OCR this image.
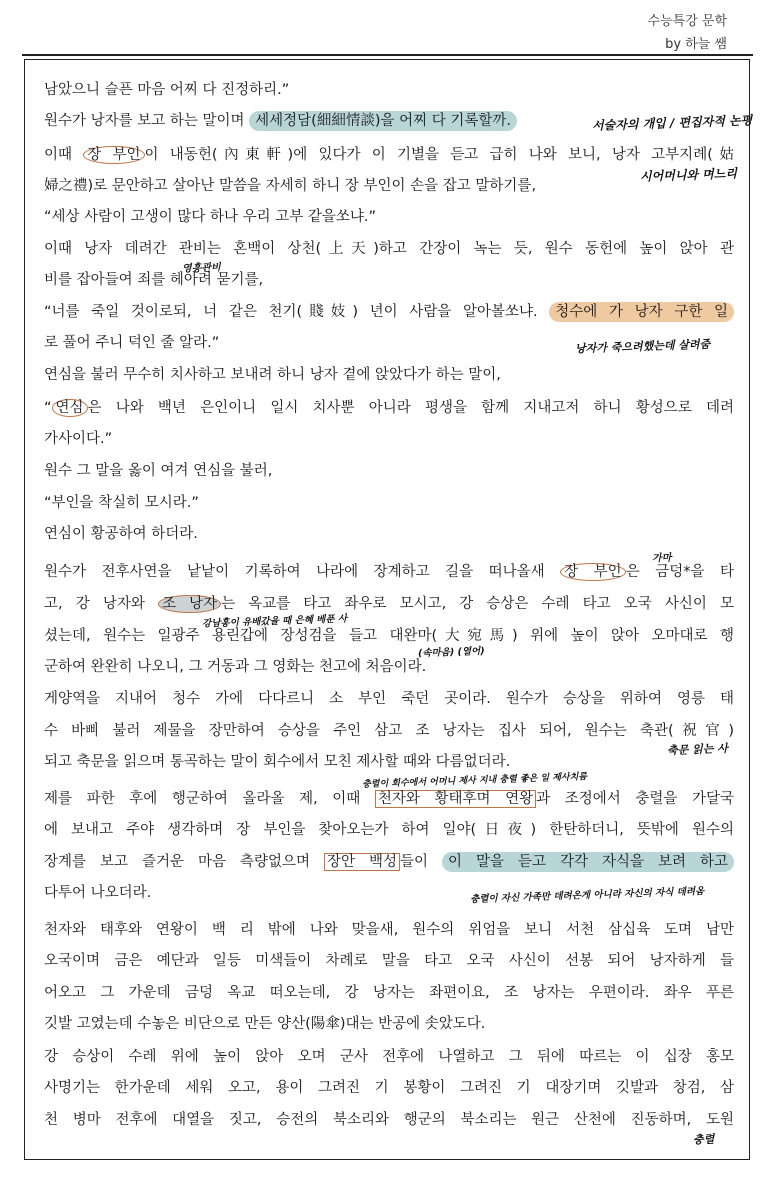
수능특강 문학
by 하늘 쌤
남았으니 슬픈 마음 어찌 다 진정하리.”
원수가 낭자를 보고 하는 말이며 세세정담(細細情談)을 어찌 다 기록할까.
이때 장 부인 이 내동헌(內東軒)에 있다가 이 기별을 듣고 급히 나와 보니, 낭자 고부지례(姑
婦之禮)로 문안하고 살아난 말씀을 자세히 하니 장 부인이 손을 잡고 말하기를,
“세상 사람이 고생이 많다 하나 우리 고부 같을쏘냐.”
이때 낭자 데려간 관비는 혼백이 상천(上天)하고 간장이 녹는 듯, 원수 동헌에 높이 앉아 관
비를 잡아들여 죄를 헤아려 묻기를,
“너를 죽일 것이로되, 너 같은 천기(賤妓) 년이 사람을 알아볼쏘냐. 청수에 가 낭자 구한 일
로 풀어 주니 덕인 줄 알라.”
연심을 불러 무수히 치사하고 보내려 하니 낭자 곁에 앉았다가 하는 말이,
“ 연심 은 나와 백년 은인이니 일시 치사뿐 아니라 평생을 함께 지내고저 하니 황성으로 데려
가사이다.”
원수 그 말을 옳이 여겨 연심을 불러,
“부인을 착실히 모시라.”
연심이 황공하여 하더라.
원수가 전후사연을 낱낱이 기록하여 나라에 장계하고 길을 떠나올새 장 부인 은 금덩*을 타
고, 강 낭자와 조 낭자 는 옥교를 타고 좌우로 모시고, 강 승상은 수레 타고 오국 사신이 모
셨는데, 원수는 일광주 용린갑에 장성검을 들고 대완마(大宛馬) 위에 높이 앉아 오마대로 행
군하여 완완히 나오니, 그 거동과 그 영화는 천고에 처음이라.
게양역을 지내어 청수 가에 다다르니 소 부인 죽던 곳이라. 원수가 승상을 위하여 영릉 태
수 바삐 불러 제물을 장만하여 승상을 주인 삼고 조 낭자는 집사 되어, 원수는 축관(祝官)
되고 축문을 읽으며 통곡하는 말이 회수에서 모친 제사할 때와 다름없더라.
제를 파한 후에 행군하여 올라올 제, 이때 천자와 황태후며 연왕 과 조정에서 충렬을 가달국
에 보내고 주야 생각하며 장 부인을 찾아오는가 하여 일야(日夜) 한탄하더니, 뜻밖에 원수의
장계를 보고 즐거운 마음 측량없으며 장안 백성 들이 이 말을 듣고 각각 자식을 보려 하고
다투어 나오더라.
천자와 태후와 연왕이 백 리 밖에 나와 맞을새, 원수의 위엄을 보니 서천 삼십육 도며 남만
오국이며 금은 예단과 일등 미색들이 차례로 말을 타고 오국 사신이 선봉 되어 낭자하게 들
어오고 그 가운데 금덩 옥교 떠오는데, 강 낭자는 좌편이요, 조 낭자는 우편이라. 좌우 푸른
깃발 고였는데 수놓은 비단으로 만든 양산(陽傘)대는 반공에 솟았도다.
강 승상이 수레 위에 높이 앉아 오며 군사 전후에 나열하고 그 뒤에 따르는 이 십장 홍모
사명기는 한가운데 세워 오고, 용이 그려진 기 봉황이 그려진 기 대장기며 깃발과 창검, 삼
천 병마 전후에 대열을 짓고, 승전의 북소리와 행군의 북소리는 원근 산천에 진동하며, 도원
서술자의 개입 / 편집자적 논평
시어머니와 며느리
영흥관비
낭자가 죽으려했는데 살려줌
가마
강남홍이 유배갔을 때 은혜 베푼 사
(속마음) (열어)
축문 읽는 사
충렬이 회수에서 어머니 제사 지내 충렬 좋은 일 제사치름
충렬이 자신 가족만 데려온게 아니라 자신의 자식 데려옴
충렬
